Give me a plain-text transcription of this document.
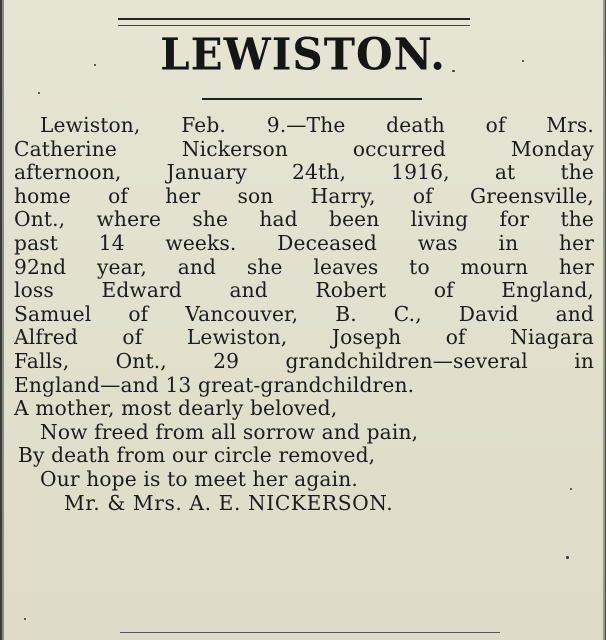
LEWISTON.
Lewiston, Feb. 9.—The death of Mrs.
Catherine Nickerson occurred Monday
afternoon, January 24th, 1916, at the
home of her son Harry, of Greensville,
Ont., where she had been living for the
past 14 weeks. Deceased was in her
92nd year, and she leaves to mourn her
loss Edward and Robert of England,
Samuel of Vancouver, B. C., David and
Alfred of Lewiston, Joseph of Niagara
Falls, Ont., 29 grandchildren—several in
England—and 13 great-grandchildren.
A mother, most dearly beloved,
Now freed from all sorrow and pain,
By death from our circle removed,
Our hope is to meet her again.
Mr. & Mrs. A. E. NICKERSON.
